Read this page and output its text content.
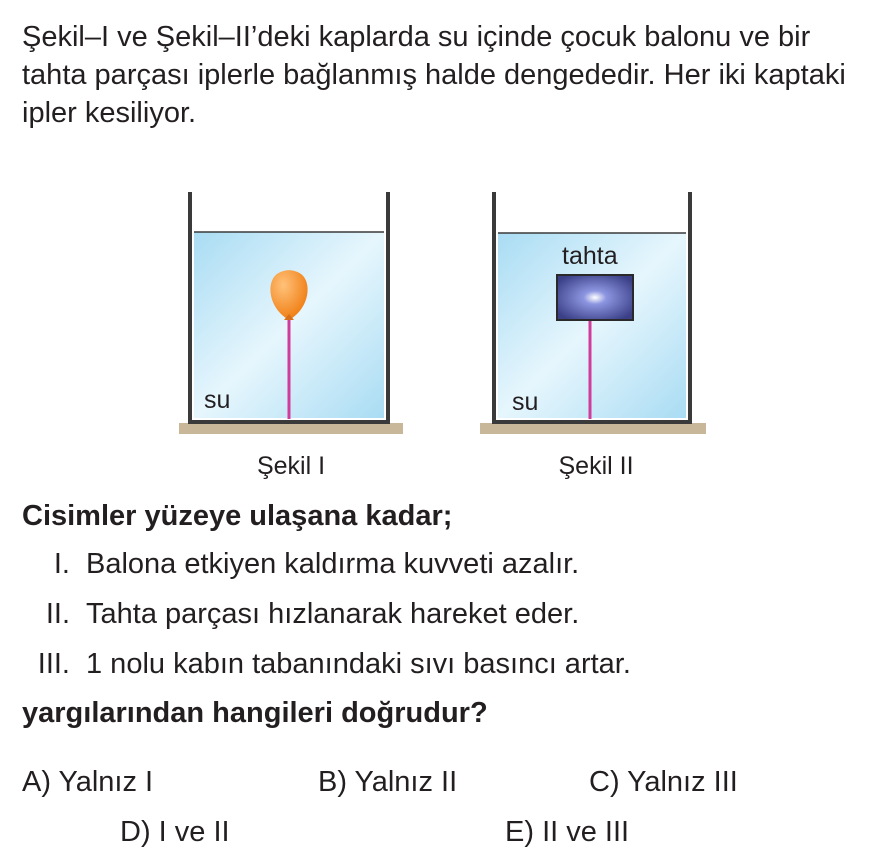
Şekil–I ve Şekil–II’deki kaplarda su içinde çocuk balonu ve bir tahta parçası iplerle bağlanmış halde dengededir. Her iki kaptaki ipler kesiliyor.

su	su
tahta
Şekil I	Şekil II

Cisimler yüzeye ulaşana kadar;

I. Balona etkiyen kaldırma kuvveti azalır.

II. Tahta parçası hızlanarak hareket eder.

III. 1 nolu kabın tabanındaki sıvı basıncı artar.

yargılarından hangileri doğrudur?

A) Yalnız I	B) Yalnız II	C) Yalnız III
D) I ve II	E) II ve III
